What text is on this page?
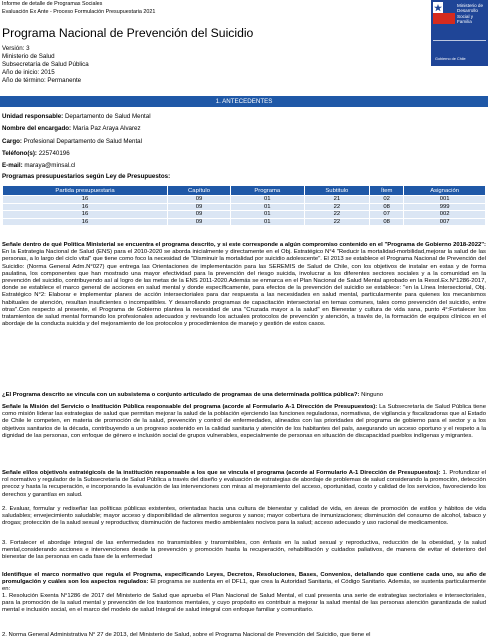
Informe de detalle de Programas Sociales
Evaluación Ex Ante - Proceso Formulación Presupuestaria 2021
Ministerio de
Desarrollo
Social y
Familia
Gobierno de Chile
Programa Nacional de Prevención del Suicidio
Versión: 3
Ministerio de Salud
Subsecretaría de Salud Pública
Año de inicio: 2015
Año de término: Permanente
1. ANTECEDENTES
Unidad responsable: Departamento de Salud Mental
Nombre del encargado: María Paz Araya Alvarez
Cargo: Profesional Departamento de Salud Mental
Teléfono(s): 225740196
E-mail: maraya@minsal.cl
Programas presupuestarios según Ley de Presupuestos:
Partida presupuestaria	Capítulo	Programa	Subtitulo	Ítem	Asignación
16	09	01	21	02	001
16	09	01	22	08	999
16	09	01	22	07	002
16	09	01	22	08	007
Señale dentro de qué Política Ministerial se encuentra el programa descrito, y si este corresponde a algún compromiso contenido en el "Programa de Gobierno 2018-2022": En la Estrategia Nacional de Salud (ENS) para el 2010-2020 se aborda inicialmente y directamente en el Obj. Estratégico N°4 "Reducir la mortalidad-morbilidad,mejorar la salud de las personas, a lo largo del ciclo vital" que tiene como foco la necesidad de "Disminuir la mortalidad por suicidio adolescente". El 2013 se establece el Programa Nacional de Prevención del Suicidio: (Norma General Adm.N°027) que entrega las Orientaciones de implementación para las SEREMIS de Salud de Chile, con los objetivos de instalar en estas y de forma paulatina, los componentes que han mostrado una mayor efectividad para la prevención del riesgo suicida, involucrar a los diferentes sectores sociales y a la comunidad en la prevención del suicidio, contribuyendo así al logro de las metas de la ENS 2011-2020.Además se enmarca en el Plan Nacional de Salud Mental aprobado en la Resol.Ex.N°1286-2017, donde se establece el marco general de acciones en salud mental y donde específicamente, para efectos de la prevención del suicidio se establece: "en la Línea Intersectorial, Obj. Estratégico N°2: Elaborar e implementar planes de acción intersectoriales para dar respuesta a las necesidades en salud mental, particularmente para quienes los mecanismos habituales de atención, resultan insuficientes o incompatibles. Y desarrollando programas de capacitación intersectorial en temas comunes, tales como prevención del suicidio, entre otras".Con respecto al presente, el Programa de Gobierno plantea la necesidad de una "Cruzada mayor a la salud" en Bienestar y cultura de vida sana, punto 4°:Fortalecer los tratamientos de salud mental formando los profesionales adecuados y revisando los actuales protocolos de prevención y atención, a través de, la formación de equipos clínicos en el abordaje de la conducta suicida y del mejoramiento de los protocolos y procedimientos de manejo y gestión de estos casos.
¿El Programa descrito se vincula con un subsistema o conjunto articulado de programas de una determinada política pública?: Ninguno
Señale la Misión del Servicio o Institución Pública responsable del programa (acorde al Formulario A-1 Dirección de Presupuestos): La Subsecretaría de Salud Pública tiene como misión liderar las estrategias de salud que permitan mejorar la salud de la población ejerciendo las funciones reguladoras, normativas, de vigilancia y fiscalizadoras que al Estado de Chile le competen, en materia de promoción de la salud, prevención y control de enfermedades, alineados con las prioridades del programa de gobierno para el sector y a los objetivos sanitarios de la década, contribuyendo a un progreso sostenido en la calidad sanitaria y atención de los habitantes del país, asegurando un acceso oportuno y el respeto a la dignidad de las personas, con enfoque de género e inclusión social de grupos vulnerables, especialmente de personas en situación de discapacidad pueblos indígenas y migrantes.
Señale el/los objetivo/s estratégico/s de la institución responsable a los que se vincula el programa (acorde al Formulario A-1 Dirección de Presupuestos): 1. Profundizar el rol normativo y regulador de la Subsecretaría de Salud Pública a través del diseño y evaluación de estrategias de abordaje de problemas de salud considerando la promoción, detección precoz y hasta la recuperación, e incorporando la evaluación de las intervenciones con miras al mejoramiento del acceso, oportunidad, costo y calidad de los servicios, favoreciendo los derechos y garantías en salud.
2. Evaluar, formular y rediseñar las políticas públicas existentes, orientadas hacia una cultura de bienestar y calidad de vida, en áreas de promoción de estilos y hábitos de vida saludables; envejecimiento saludable; mayor acceso y disponibilidad de alimentos seguros y sanos; mayor cobertura de inmunizaciones; disminución del consumo de alcohol, tabaco y drogas; protección de la salud sexual y reproductiva; disminución de factores medio ambientales nocivos para la salud; acceso adecuado y uso racional de medicamentos.
3. Fortalecer el abordaje integral de las enfermedades no transmisibles y transmisibles, con énfasis en la salud sexual y reproductiva, reducción de la obesidad, y la salud mental,considerando acciones e intervenciones desde la prevención y promoción hasta la recuperación, rehabilitación y cuidados paliativos, de manera de evitar el deterioro del bienestar de las personas en cada fase de la enfermedad
Identifique el marco normativo que regula el Programa, especificando Leyes, Decretos, Resoluciones, Bases, Convenios, detallando que contiene cada uno, su año de promulgación y cuáles son los aspectos regulados: El programa se sustenta en el DFL1, que crea la Autoridad Sanitaria, el Código Sanitario. Además, se sustenta particularmente en:
1. Resolución Exenta N°1286 de 2017 del Ministerio de Salud que aprueba el Plan Nacional de Salud Mental, el cual presenta una serie de estrategias sectoriales e intersectoriales, para la promoción de la salud mental y prevención de los trastornos mentales, y cuyo propósito es contribuir a mejorar la salud mental de las personas atención garantizada de salud mental e inclusión social, en el marco del modelo de salud Integral de salud integral con enfoque familiar y comunitario.
2. Norma General Administrativa N° 27 de 2013, del Ministerio de Salud, sobre el Programa Nacional de Prevención del Suicidio, que tiene el
